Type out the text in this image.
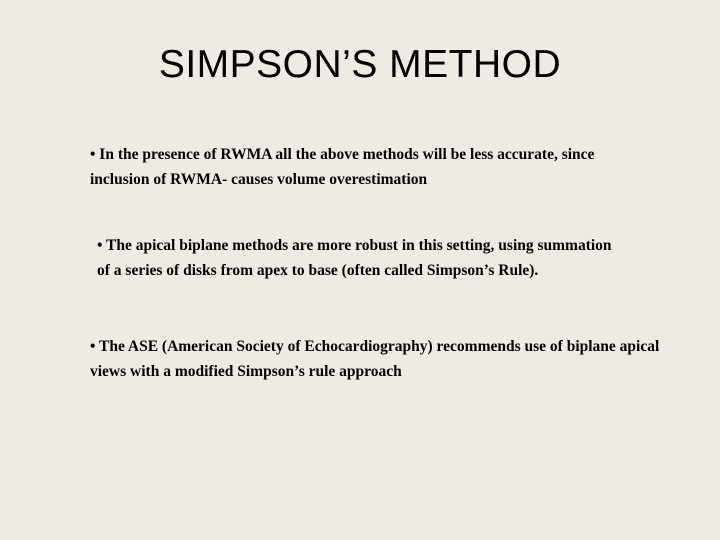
SIMPSON’S METHOD

• In the presence of RWMA all the above methods will be less accurate, since inclusion of RWMA- causes volume overestimation

• The apical biplane methods are more robust in this setting, using summation of a series of disks from apex to base (often called Simpson’s Rule).

• The ASE (American Society of Echocardiography) recommends use of biplane apical views with a modified Simpson’s rule approach
